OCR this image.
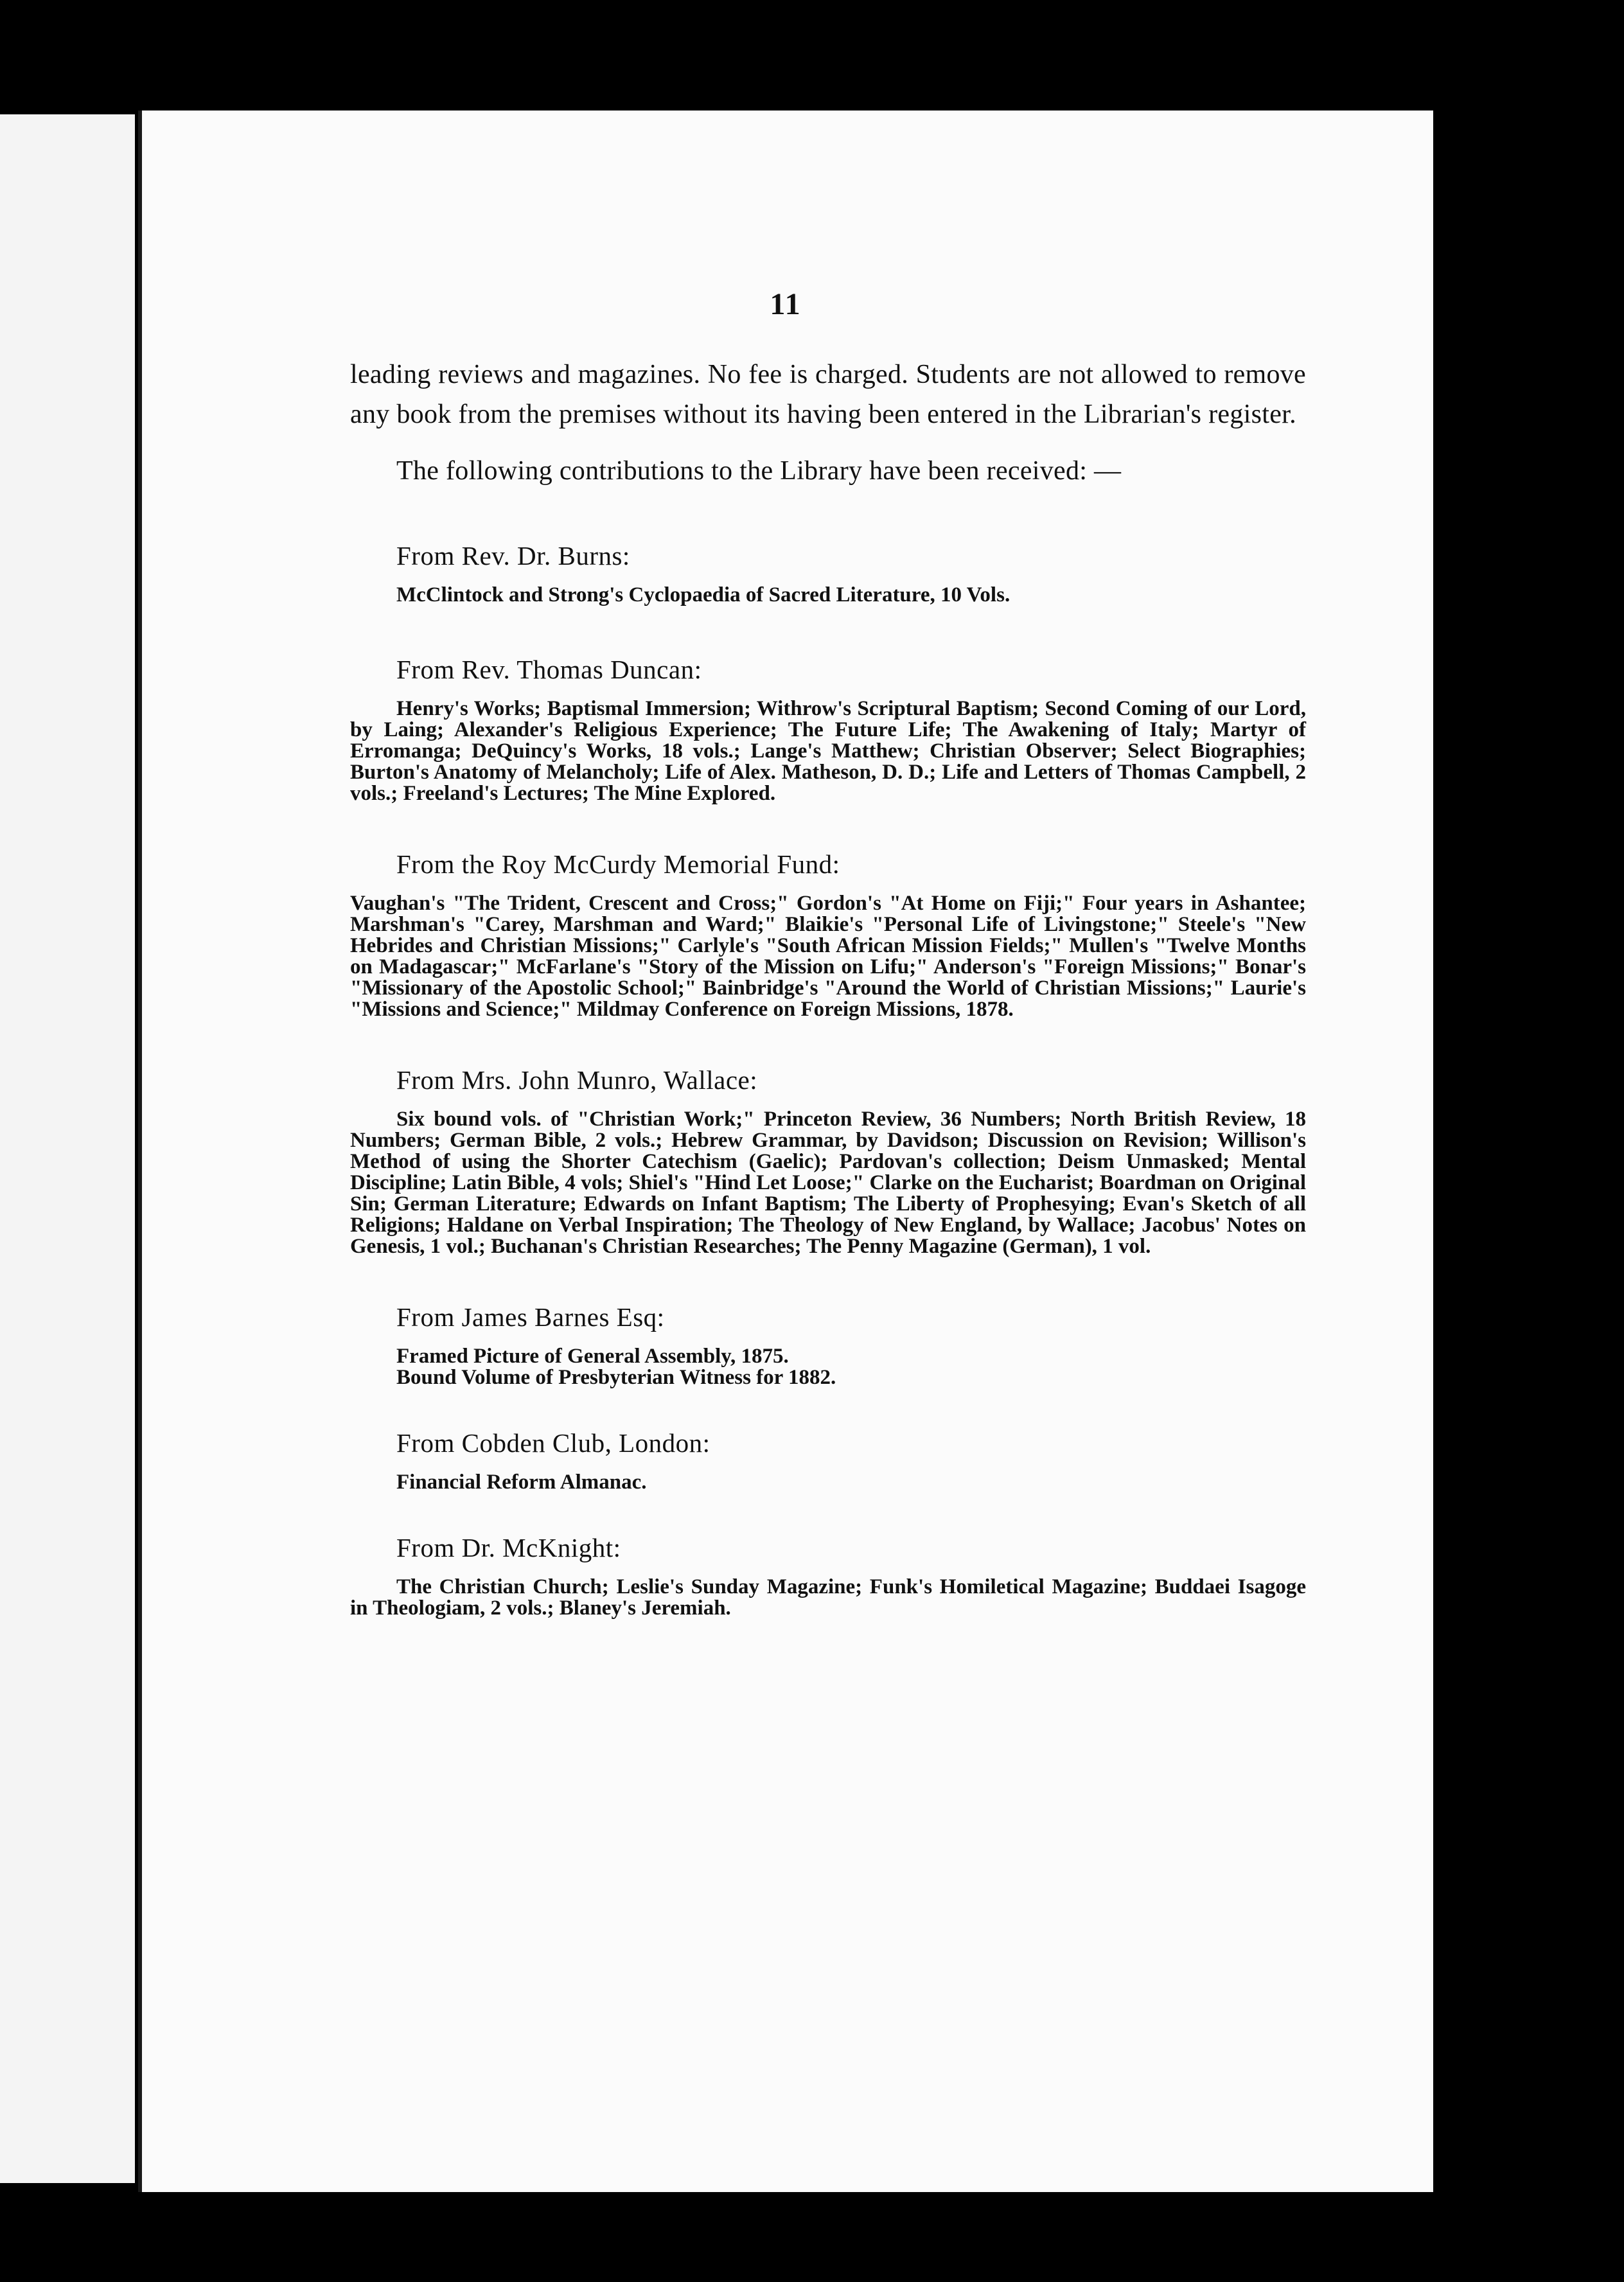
11

leading reviews and magazines. No fee is charged. Students are not allowed to remove any book from the premises without its having been entered in the Librarian's register.

The following contributions to the Library have been received: —

From Rev. Dr. Burns:

McClintock and Strong's Cyclopaedia of Sacred Literature, 10 Vols.

From Rev. Thomas Duncan:

Henry's Works; Baptismal Immersion; Withrow's Scriptural Baptism; Second Coming of our Lord, by Laing; Alexander's Religious Experience; The Future Life; The Awakening of Italy; Martyr of Erromanga; DeQuincy's Works, 18 vols.; Lange's Matthew; Christian Observer; Select Biographies; Burton's Anatomy of Melancholy; Life of Alex. Matheson, D. D.; Life and Letters of Thomas Campbell, 2 vols.; Freeland's Lectures; The Mine Explored.

From the Roy McCurdy Memorial Fund:

Vaughan's "The Trident, Crescent and Cross;" Gordon's "At Home on Fiji;" Four years in Ashantee; Marshman's "Carey, Marshman and Ward;" Blaikie's "Personal Life of Livingstone;" Steele's "New Hebrides and Christian Missions;" Carlyle's "South African Mission Fields;" Mullen's "Twelve Months on Madagascar;" McFarlane's "Story of the Mission on Lifu;" Anderson's "Foreign Missions;" Bonar's "Missionary of the Apostolic School;" Bainbridge's "Around the World of Christian Missions;" Laurie's "Missions and Science;" Mildmay Conference on Foreign Missions, 1878.

From Mrs. John Munro, Wallace:

Six bound vols. of "Christian Work;" Princeton Review, 36 Numbers; North British Review, 18 Numbers; German Bible, 2 vols.; Hebrew Grammar, by Davidson; Discussion on Revision; Willison's Method of using the Shorter Catechism (Gaelic); Pardovan's collection; Deism Unmasked; Mental Discipline; Latin Bible, 4 vols; Shiel's "Hind Let Loose;" Clarke on the Eucharist; Boardman on Original Sin; German Literature; Edwards on Infant Baptism; The Liberty of Prophesying; Evan's Sketch of all Religions; Haldane on Verbal Inspiration; The Theology of New England, by Wallace; Jacobus' Notes on Genesis, 1 vol.; Buchanan's Christian Researches; The Penny Magazine (German), 1 vol.

From James Barnes Esq:

Framed Picture of General Assembly, 1875.
Bound Volume of Presbyterian Witness for 1882.

From Cobden Club, London:

Financial Reform Almanac.

From Dr. McKnight:

The Christian Church; Leslie's Sunday Magazine; Funk's Homiletical Magazine; Buddaei Isagoge in Theologiam, 2 vols.; Blaney's Jeremiah.
